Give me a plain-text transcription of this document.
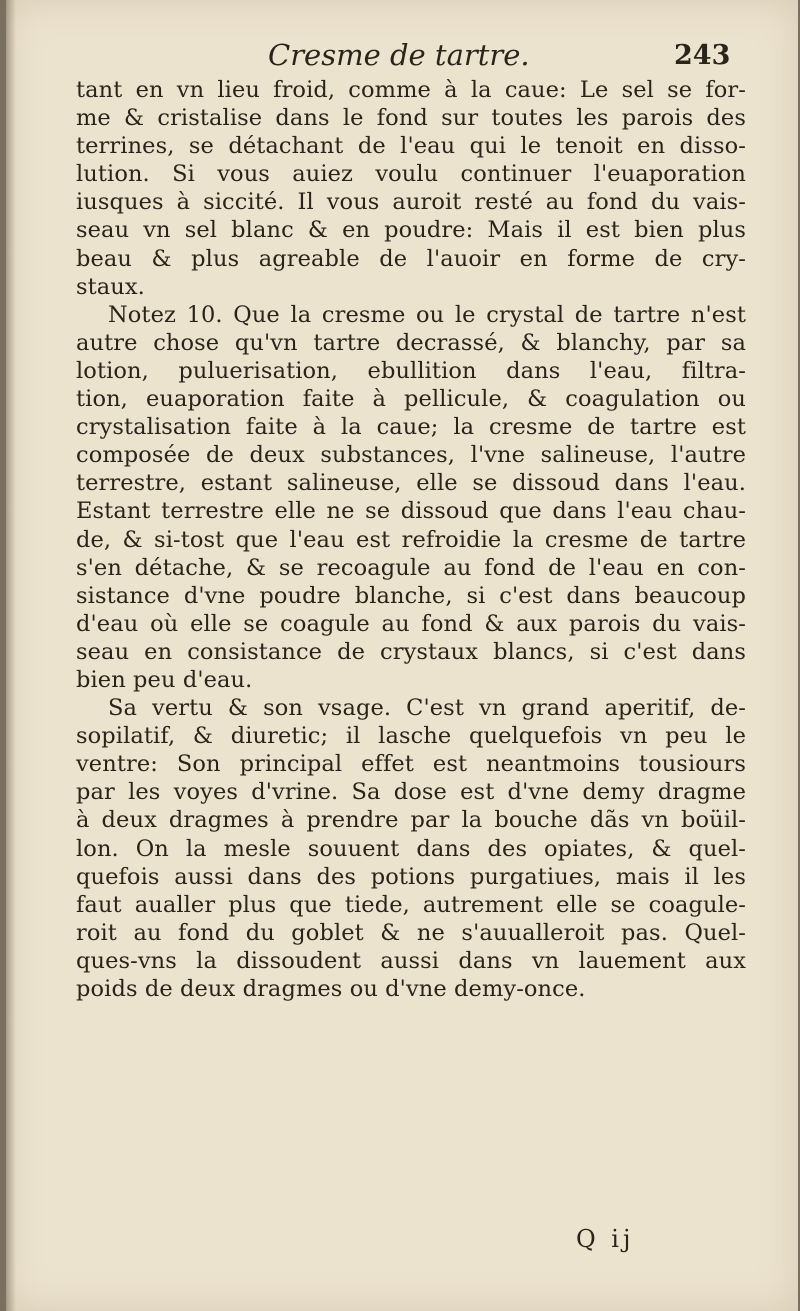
Cresme de tartre.	243
tant en vn lieu froid, comme à la caue: Le sel se for-
me & cristalise dans le fond sur toutes les parois des
terrines, se détachant de l'eau qui le tenoit en disso-
lution. Si vous auiez voulu continuer l'euaporation
iusques à siccité. Il vous auroit resté au fond du vais-
seau vn sel blanc & en poudre: Mais il est bien plus
beau & plus agreable de l'auoir en forme de cry-
staux.
Notez 10. Que la cresme ou le crystal de tartre n'est
autre chose qu'vn tartre decrassé, & blanchy, par sa
lotion, puluerisation, ebullition dans l'eau, filtra-
tion, euaporation faite à pellicule, & coagulation ou
crystalisation faite à la caue; la cresme de tartre est
composée de deux substances, l'vne salineuse, l'autre
terrestre, estant salineuse, elle se dissoud dans l'eau.
Estant terrestre elle ne se dissoud que dans l'eau chau-
de, & si-tost que l'eau est refroidie la cresme de tartre
s'en détache, & se recoagule au fond de l'eau en con-
sistance d'vne poudre blanche, si c'est dans beaucoup
d'eau où elle se coagule au fond & aux parois du vais-
seau en consistance de crystaux blancs, si c'est dans
bien peu d'eau.
Sa vertu & son vsage. C'est vn grand aperitif, de-
sopilatif, & diuretic; il lasche quelquefois vn peu le
ventre: Son principal effet est neantmoins tousiours
par les voyes d'vrine. Sa dose est d'vne demy dragme
à deux dragmes à prendre par la bouche dãs vn boüil-
lon. On la mesle souuent dans des opiates, & quel-
quefois aussi dans des potions purgatiues, mais il les
faut aualler plus que tiede, autrement elle se coagule-
roit au fond du goblet & ne s'auualleroit pas. Quel-
ques-vns la dissoudent aussi dans vn lauement aux
poids de deux dragmes ou d'vne demy-once.
Q ij
